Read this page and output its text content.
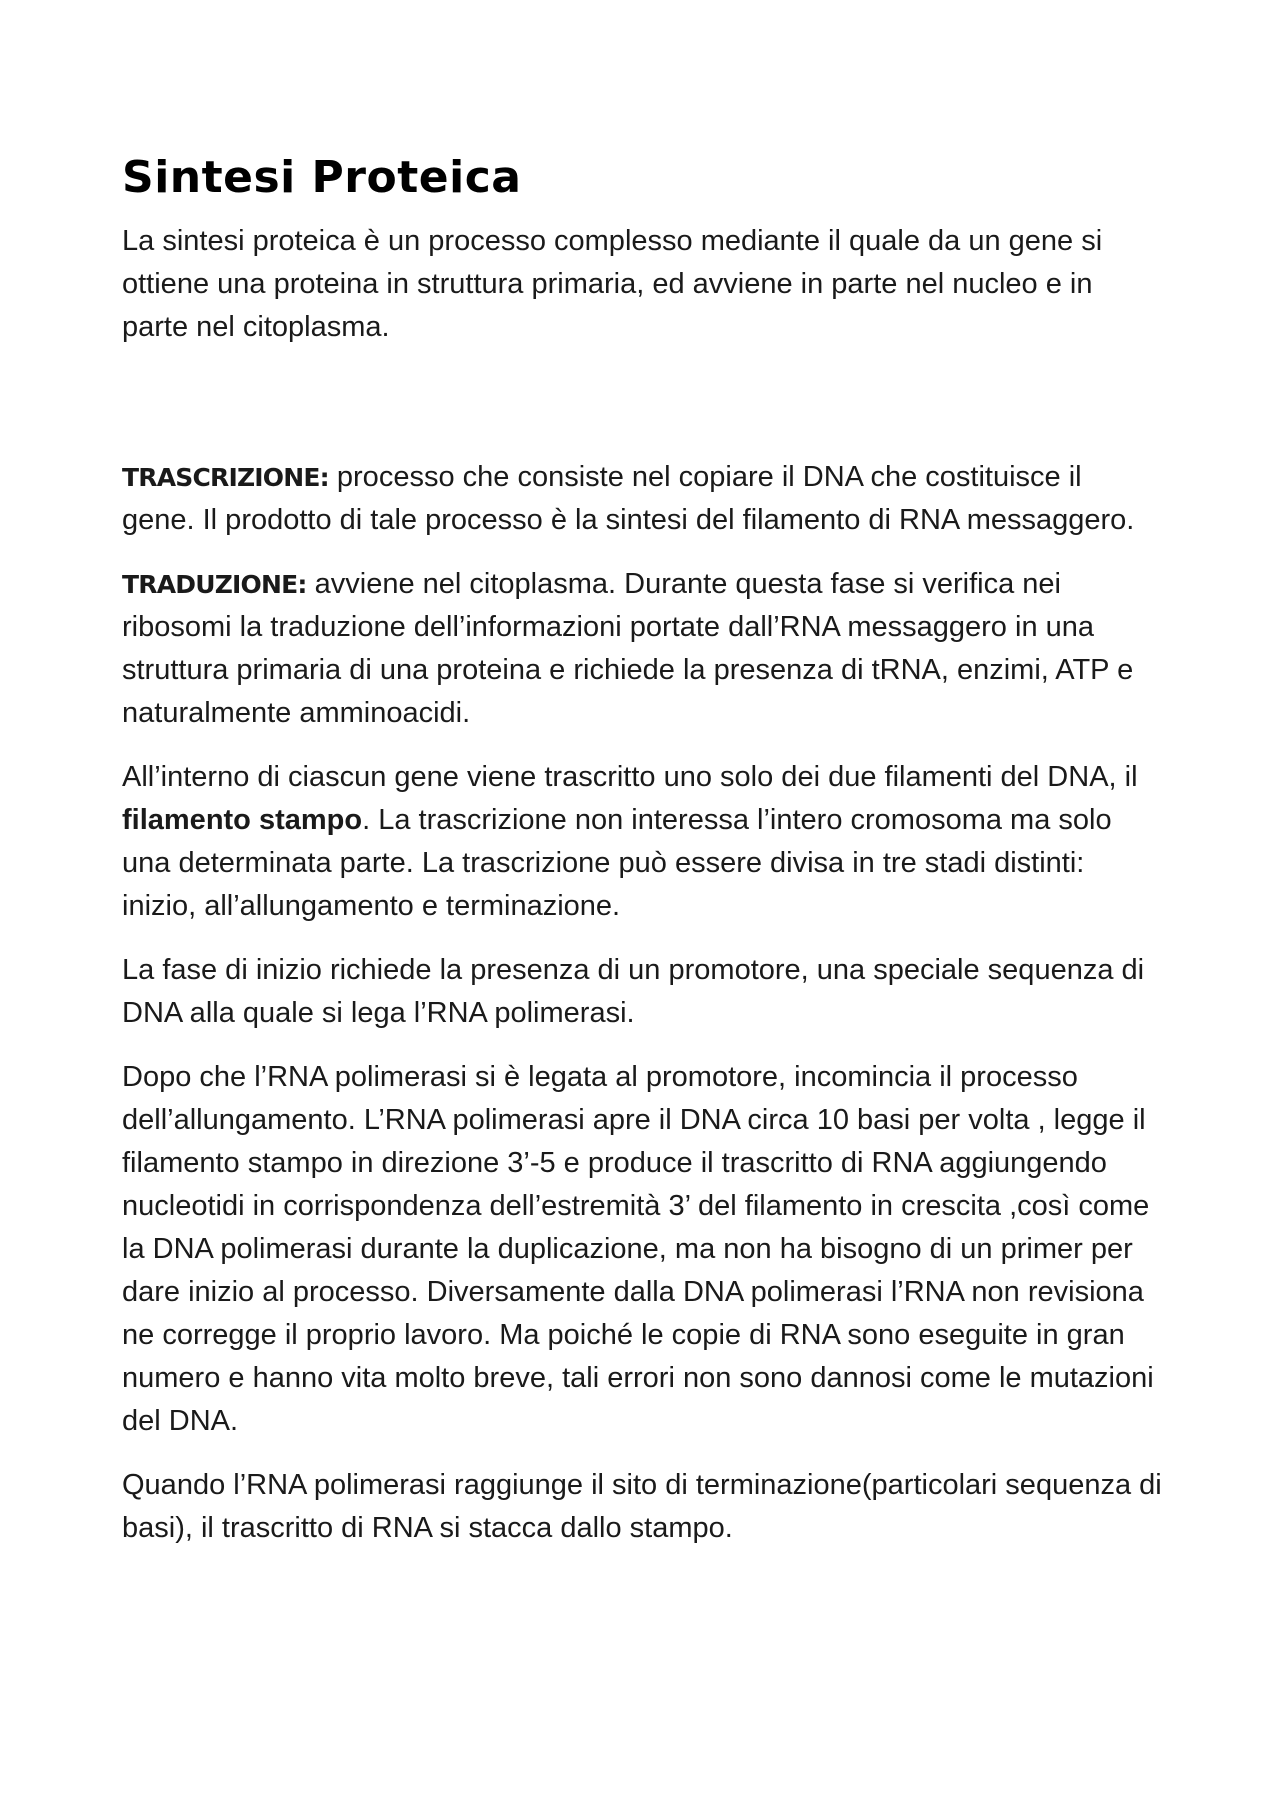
Sintesi Proteica

La sintesi proteica è un processo complesso mediante il quale da un gene si ottiene una proteina in struttura primaria, ed avviene in parte nel nucleo e in parte nel citoplasma.

TRASCRIZIONE: processo che consiste nel copiare il DNA che costituisce il gene. Il prodotto di tale processo è la sintesi del filamento di RNA messaggero.

TRADUZIONE: avviene nel citoplasma. Durante questa fase si verifica nei ribosomi la traduzione dell’informazioni portate dall’RNA messaggero in una struttura primaria di una proteina e richiede la presenza di tRNA, enzimi, ATP e naturalmente amminoacidi.

All’interno di ciascun gene viene trascritto uno solo dei due filamenti del DNA, il filamento stampo. La trascrizione non interessa l’intero cromosoma ma solo una determinata parte. La trascrizione può essere divisa in tre stadi distinti: inizio, all’allungamento e terminazione.

La fase di inizio richiede la presenza di un promotore, una speciale sequenza di DNA alla quale si lega l’RNA polimerasi.

Dopo che l’RNA polimerasi si è legata al promotore, incomincia il processo dell’allungamento. L’RNA polimerasi apre il DNA circa 10 basi per volta , legge il filamento stampo in direzione 3’-5 e produce il trascritto di RNA aggiungendo nucleotidi in corrispondenza dell’estremità 3’ del filamento in crescita ,così come la DNA polimerasi durante la duplicazione, ma non ha bisogno di un primer per dare inizio al processo. Diversamente dalla DNA polimerasi l’RNA non revisiona ne corregge il proprio lavoro. Ma poiché le copie di RNA sono eseguite in gran numero e hanno vita molto breve, tali errori non sono dannosi come le mutazioni del DNA.

Quando l’RNA polimerasi raggiunge il sito di terminazione(particolari sequenza di basi), il trascritto di RNA si stacca dallo stampo.
